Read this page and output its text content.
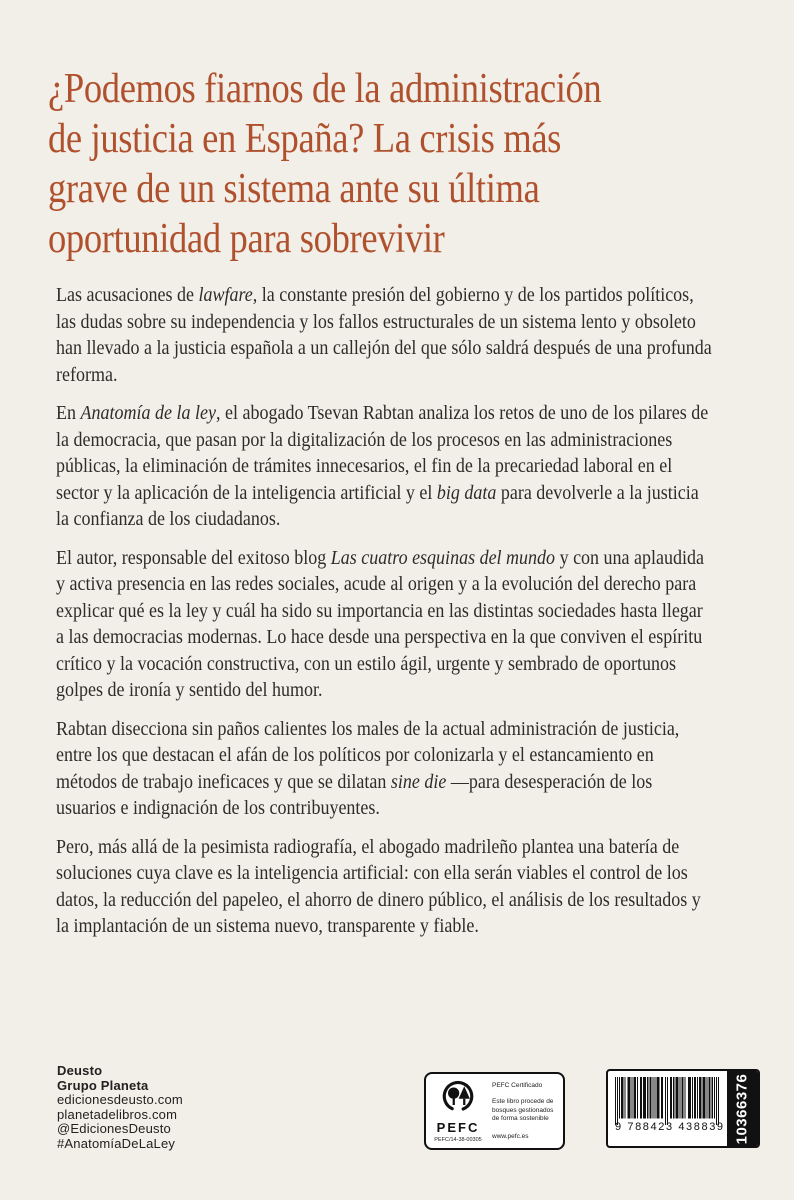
¿Podemos fiarnos de la administración
de justicia en España? La crisis más
grave de un sistema ante su última
oportunidad para sobrevivir

Las acusaciones de lawfare, la constante presión del gobierno y de los partidos políticos, las dudas sobre su independencia y los fallos estructurales de un sistema lento y obsoleto han llevado a la justicia española a un callejón del que sólo saldrá después de una profunda reforma.

En Anatomía de la ley, el abogado Tsevan Rabtan analiza los retos de uno de los pilares de la democracia, que pasan por la digitalización de los procesos en las administraciones públicas, la eliminación de trámites innecesarios, el fin de la precariedad laboral en el sector y la aplicación de la inteligencia artificial y el big data para devolverle a la justicia la confianza de los ciudadanos.

El autor, responsable del exitoso blog Las cuatro esquinas del mundo y con una aplaudida y activa presencia en las redes sociales, acude al origen y a la evolución del derecho para explicar qué es la ley y cuál ha sido su importancia en las distintas sociedades hasta llegar a las democracias modernas. Lo hace desde una perspectiva en la que conviven el espíritu crítico y la vocación constructiva, con un estilo ágil, urgente y sembrado de oportunos golpes de ironía y sentido del humor.

Rabtan disecciona sin paños calientes los males de la actual administración de justicia, entre los que destacan el afán de los políticos por colonizarla y el estancamiento en métodos de trabajo ineficaces y que se dilatan sine die —para desesperación de los usuarios e indignación de los contribuyentes.

Pero, más allá de la pesimista radiografía, el abogado madrileño plantea una batería de soluciones cuya clave es la inteligencia artificial: con ella serán viables el control de los datos, la reducción del papeleo, el ahorro de dinero público, el análisis de los resultados y la implantación de un sistema nuevo, transparente y fiable.

Deusto
Grupo Planeta
edicionesdeusto.com
planetadelibros.com
@EdicionesDeusto
#AnatomíaDeLaLey
PEFC
PEFC/14-38-00305
PEFC Certificado
Este libro procede de bosques gestionados de forma sostenible
www.pefc.es
9 788423 438839 10366376
